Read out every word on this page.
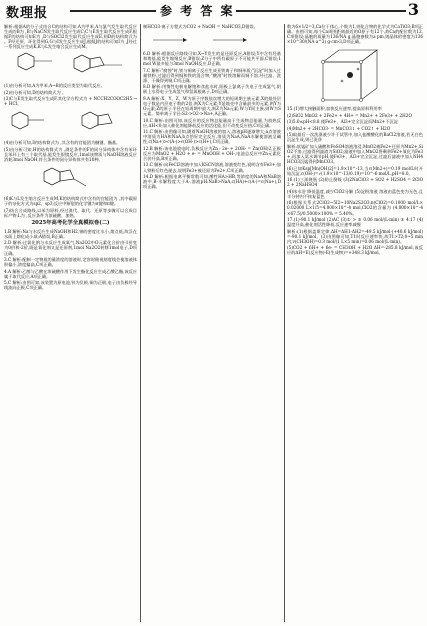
数理报	参 考 答 案	3

解析:根据A的分子式结合C的结构可知,A为甲苯,A与氯气发生取代反应生成的B为 ,B与NaCN发生取代反应生成C;C与E发生取代反应生成F,根据F的结构可知E为 ,D与SOCl2发生取代反应生成E,则D的结构简式为 。F经还原、环化得到G,G与I发生反应生成J,根据J的结构可知I为 ,J经过一系列反应生成K,K与L发生缩合反应生成M。

(1)由分析可知,A为甲苯,A→B的反应类型为取代反应。

(2)由分析可知,D的结构简式为 。

(3)C与E发生取代反应生成F,其化学方程式为 + NCCH2COOC2H5 → + HCl。

(4)由分析可知,I的结构简式为 ,其含有的官能团为醚键、酯基。

(5)由分析可知,H的结构简式为 ,满足条件的F的同分异构体中含有苯环且苯环上有三个取代基,能发生银镜反应,1mol该物质与NaOH溶液反应消耗3mol NaOH,符合条件的同分异构体共有10种。

(6)K与L发生缩合反应生成M,K的结构简式中含有的官能团为 ,其中碳原子的杂化方式为sp2、sp3;反应中断裂的化学键为σ键和π键。

(7)结合合成路线,以苯为原料,经过溴代、取代、还原等步骤可以合成目标产物,L为 ,反应条件为浓硫酸、加热。

2025年高考化学全真模拟卷(二)

1.B 解析:Na与水反应生成NaOH和H2,钠的密度比水小,熔点低,故浮在水面上熔化成小球;A错误,B正确。

2.D 解析:过氧化钠与水反应生成氧气,Na2O2中O元素化合价由-1价变为0价和-2价,既是氧化剂又是还原剂,1mol Na2O2转移1mol电子,D项正确。

3.C 解析:配制一定物质的量浓度的溶液时,定容时俯视刻度线会使溶液体积偏小,浓度偏高,C项正确。

4.A 解析:乙醇与乙酸在浓硫酸作用下发生酯化反应生成乙酸乙酯,该反应属于取代反应,A项正确。

5.C 解析:由图可知,该装置为原电池,锌为负极,铜为正极,电子由负极经导线流向正极,C项正确。

制HCO3-离子方程式为CO2 + NaOH = NaHCO3,D错误。

6.D 解析:根据反应路线可知,X→Y发生的是还原反应,A错误;Y中含有羟基和羧基,能发生缩聚反应,B错误;Z分子中所有碳原子不可能共平面,C错误;1mol W最多能与3mol NaOH反应,D正确。

7.C 解析:"腐蚀"时,铁与铜离子反应生成亚铁离子和铜单质;"沉淀"时加入过量铁粉,过滤后得到铜和铁的混合物;"酸溶"时铁溶解而铜不溶,经过滤、洗涤、干燥得到铜,C项正确。

8.D 解析:用惰性电极电解饱和食盐水时,阳极上氯离子失电子生成氯气,阴极上水得电子生成氢气和氢氧根离子,D项正确。

9.A 解析:X、Y、Z、W为原子序数依次增大的短周期主族元素,X的最外层电子数是内层电子数的2倍,则X为C元素;Y是地壳中含量最多的元素,则Y为O元素;Z的原子半径在短周期中最大,则Z为Na元素;W与Y同主族,则W为S元素。简单离子半径:S2->O2->Na+,A正确。

10.C 解析:由图可知,该反应的反应物总能量高于生成物总能量,为放热反应,ΔH<0;加入催化剂能降低反应的活化能,但不改变反应热,C项正确。

11.C 解析:由图像可知,随着NaOH溶液的加入,溶液pH逐渐增大;a点溶液中溶质为HA和NaA,b点恰好完全反应,溶质为NaA,NaA水解使溶液呈碱性,c(Na+)>c(A-)>c(OH-)>c(H+),C项正确。

12.B 解析:该电池放电时,负极反应为Zn - 2e- + 2OH- = Zn(OH)2,正极反应为MnO2 + H2O + e- = MnOOH + OH-,电池总反应中Zn元素化合价升高,B项正确。

13.C 解析:向FeCl3溶液中加入KSCN溶液,溶液变红色,说明含有Fe3+;加入铁粉后红色褪去,说明Fe3+被还原为Fe2+,C项正确。

14.D 解析:根据电离平衡常数可知,酸性HA>HB,等浓度的NaA和NaB溶液中,B-水解程度大于A-,溶液pH:NaB>NaA,c(HA)+c(A-)=c(Na+),D项正确。

数为6×1/2=3,Ca位于体心,个数为1,则化合物的化学式为CaTiO3;B项正确。由图可知,每个Ca周围距离最近的O原子有12个,故Ca的配位数为12,C项错误;晶胞的质量为136/NA g,晶胞参数为a pm,则晶体的密度为136×10^30/(NA·a^3) g·cm-3,D项正确。

15.(1)增大接触面积,加快反应速率,提高原料利用率

(2)SiO2 MnO2 + 2Fe2+ + 4H+ = Mn2+ + 2Fe3+ + 2H2O

(3)5.0≤pH<8.8 使Fe3+、Al3+完全沉淀而Mn2+不沉淀

(4)Mn2+ + 2HCO3- = MnCO3↓ + CO2↑ + H2O

(5)取最后一次洗涤液少许于试管中,加入盐酸酸化的BaCl2溶液,若无白色沉淀生成,则已洗净

解析:软锰矿加入硫酸和FeSO4溶液溶浸,MnO2被Fe2+还原为Mn2+,SiO2不溶,过滤得到滤渣为SiO2;滤液中加入MnO2将剩余Fe2+氧化为Fe3+,再加入氨水调节pH,使Fe3+、Al3+完全沉淀,过滤后滤液中加入NH4HCO3沉锰得到MnCO3。

(6)已知Ksp[Mn(OH)2]=1.9×10^-13,当c(Mn2+)=0.19 mol/L时开始沉淀,c(OH-)=√(1.9×10^-13/0.19)=10^-6 mol/L,pH=8.0。

16.(1)三颈烧瓶 (2)防止倒吸 (3)2NaClO3 + SO2 + H2SO4 = 2ClO2 + 2NaHSO4

(4)冰水浴 降低温度,减少ClO2分解 (5)淀粉溶液 溶液由蓝色变为无色,且半分钟内不恢复蓝色

(6)根据关系式2ClO2~5I2~10Na2S2O3,n(ClO2)=0.1000 mol/L×0.02000 L×1/5=4.000×10^-4 mol,ClO2的含量为 (4.000×10^-4×67.5)/0.5000×100% = 5.40%。

17.(1)-90.1 kJ/mol (2)AC (3)① > ② 0.06 mol/(L·min) ③ 4.17 (4)温度升高,催化剂活性降低,反应速率减慢

解析:(1)根据盖斯定律,ΔH=ΔH1-ΔH2=-49.5 kJ/mol-(+40.6 kJ/mol)=-90.1 kJ/mol。(3)由图像可知,T1时反应速率快,故T1>T2;0~5 min内,v(CH3OH)=0.3 mol/(1 L×5 min)=0.06 mol/(L·min)。

(5)CO2 + 6H+ + 6e- = CH3OH + H2O ΔH=-285.8 kJ/mol,该反应的ΔH=E(反应物)-E(生成物)=+348.3 kJ/mol。
